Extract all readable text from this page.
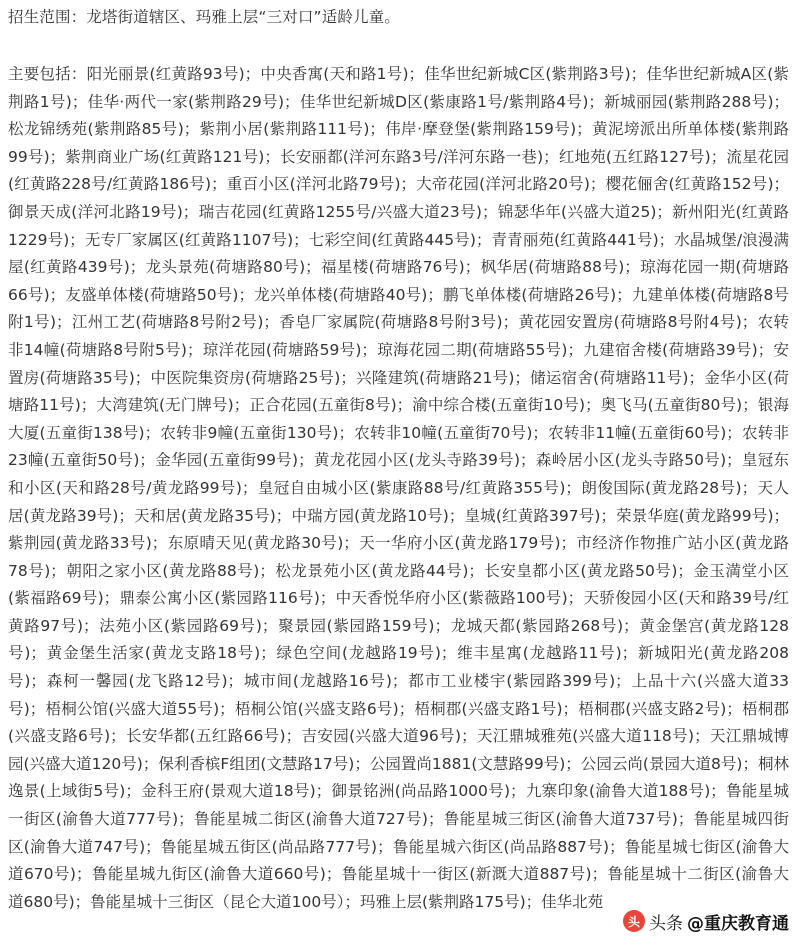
招生范围：龙塔街道辖区、玛雅上层“三对口”适龄儿童。

主要包括：阳光丽景(红黄路93号)；中央香寓(天和路1号)；佳华世纪新城C区(紫荆路3号)；佳华世纪新城A区(紫
荆路1号)；佳华·两代一家(紫荆路29号)；佳华世纪新城D区(紫康路1号/紫荆路4号)；新城丽园(紫荆路288号)；
松龙锦绣苑(紫荆路85号)；紫荆小居(紫荆路111号)；伟岸·摩登堡(紫荆路159号)；黄泥塝派出所单体楼(紫荆路
99号)；紫荆商业广场(红黄路121号)；长安丽都(洋河东路3号/洋河东路一巷)；红地苑(五红路127号)；流星花园
(红黄路228号/红黄路186号)；重百小区(洋河北路79号)；大帝花园(洋河北路20号)；樱花俪舍(红黄路152号)；
御景天成(洋河北路19号)；瑞吉花园(红黄路1255号/兴盛大道23号)；锦瑟华年(兴盛大道25)；新州阳光(红黄路
1229号)；无专厂家属区(红黄路1107号)；七彩空间(红黄路445号)；青青丽苑(红黄路441号)；水晶城堡/浪漫满
屋(红黄路439号)；龙头景苑(荷塘路80号)；福星楼(荷塘路76号)；枫华居(荷塘路88号)；琼海花园一期(荷塘路
66号)；友盛单体楼(荷塘路50号)；龙兴单体楼(荷塘路40号)；鹏飞单体楼(荷塘路26号)；九建单体楼(荷塘路8号
附1号)；江州工艺(荷塘路8号附2号)；香皂厂家属院(荷塘路8号附3号)；黄花园安置房(荷塘路8号附4号)；农转
非14幢(荷塘路8号附5号)；琼洋花园(荷塘路59号)；琼海花园二期(荷塘路55号)；九建宿舍楼(荷塘路39号)；安
置房(荷塘路35号)；中医院集资房(荷塘路25号)；兴隆建筑(荷塘路21号)；储运宿舍(荷塘路11号)；金华小区(荷
塘路11号)；大湾建筑(无门牌号)；正合花园(五童街8号)；渝中综合楼(五童街10号)；奥飞马(五童街80号)；银海
大厦(五童街138号)；农转非9幢(五童街130号)；农转非10幢(五童街70号)；农转非11幢(五童街60号)；农转非
23幢(五童街50号)；金华园(五童街99号)；黄龙花园小区(龙头寺路39号)；森岭居小区(龙头寺路50号)；皇冠东
和小区(天和路28号/黄龙路99号)；皇冠自由城小区(紫康路88号/红黄路355号)；朗俊国际(黄龙路28号)；天人
居(黄龙路39号)；天和居(黄龙路35号)；中瑞方园(黄龙路10号)；皇城(红黄路397号)；荣景华庭(黄龙路99号)；
紫荆园(黄龙路33号)；东原晴天见(黄龙路30号)；天一华府小区(黄龙路179号)；市经济作物推广站小区(黄龙路
78号)；朝阳之家小区(黄龙路88号)；松龙景苑小区(黄龙路44号)；长安皇都小区(黄龙路50号)；金玉満堂小区
(紫福路69号)；鼎泰公寓小区(紫园路116号)；中天香悦华府小区(紫薇路100号)；天骄俊园小区(天和路39号/红
黄路97号)；法苑小区(紫园路69号)；聚景园(紫园路159号)；龙城天都(紫园路268号)；黄金堡宫(黄龙路128
号)；黄金堡生活家(黄龙支路18号)；绿色空间(龙越路19号)；维丰星寓(龙越路11号)；新城阳光(黄龙路208
号)；森柯一馨园(龙飞路12号)；城市间(龙越路16号)；都市工业楼宇(紫园路399号)；上品十六(兴盛大道33
号)；梧桐公馆(兴盛大道55号)；梧桐公馆(兴盛支路6号)；梧桐郡(兴盛支路1号)；梧桐郡(兴盛支路2号)；梧桐郡
(兴盛支路6号)；长安华都(五红路66号)；吉安园(兴盛大道96号)；天江鼎城雅苑(兴盛大道118号)；天江鼎城博
园(兴盛大道120号)；保利香槟F组团(文慧路17号)；公园置尚1881(文慧路99号)；公园云尚(景园大道8号)；桐林
逸景(上域街5号)；金科王府(景观大道18号)；御景铭洲(尚品路1000号)；九寨印象(渝鲁大道188号)；鲁能星城
一街区(渝鲁大道777号)；鲁能星城二街区(渝鲁大道727号)；鲁能星城三街区(渝鲁大道737号)；鲁能星城四街
区(渝鲁大道747号)；鲁能星城五街区(尚品路777号)；鲁能星城六街区(尚品路887号)；鲁能星城七街区(渝鲁大
道670号)；鲁能星城九街区(渝鲁大道660号)；鲁能星城十一街区(新溉大道887号)；鲁能星城十二街区(渝鲁大
道680号)；鲁能星城十三街区（昆仑大道100号）；玛雅上层(紫荆路175号)；佳华北苑
头 头条 @重庆教育通
